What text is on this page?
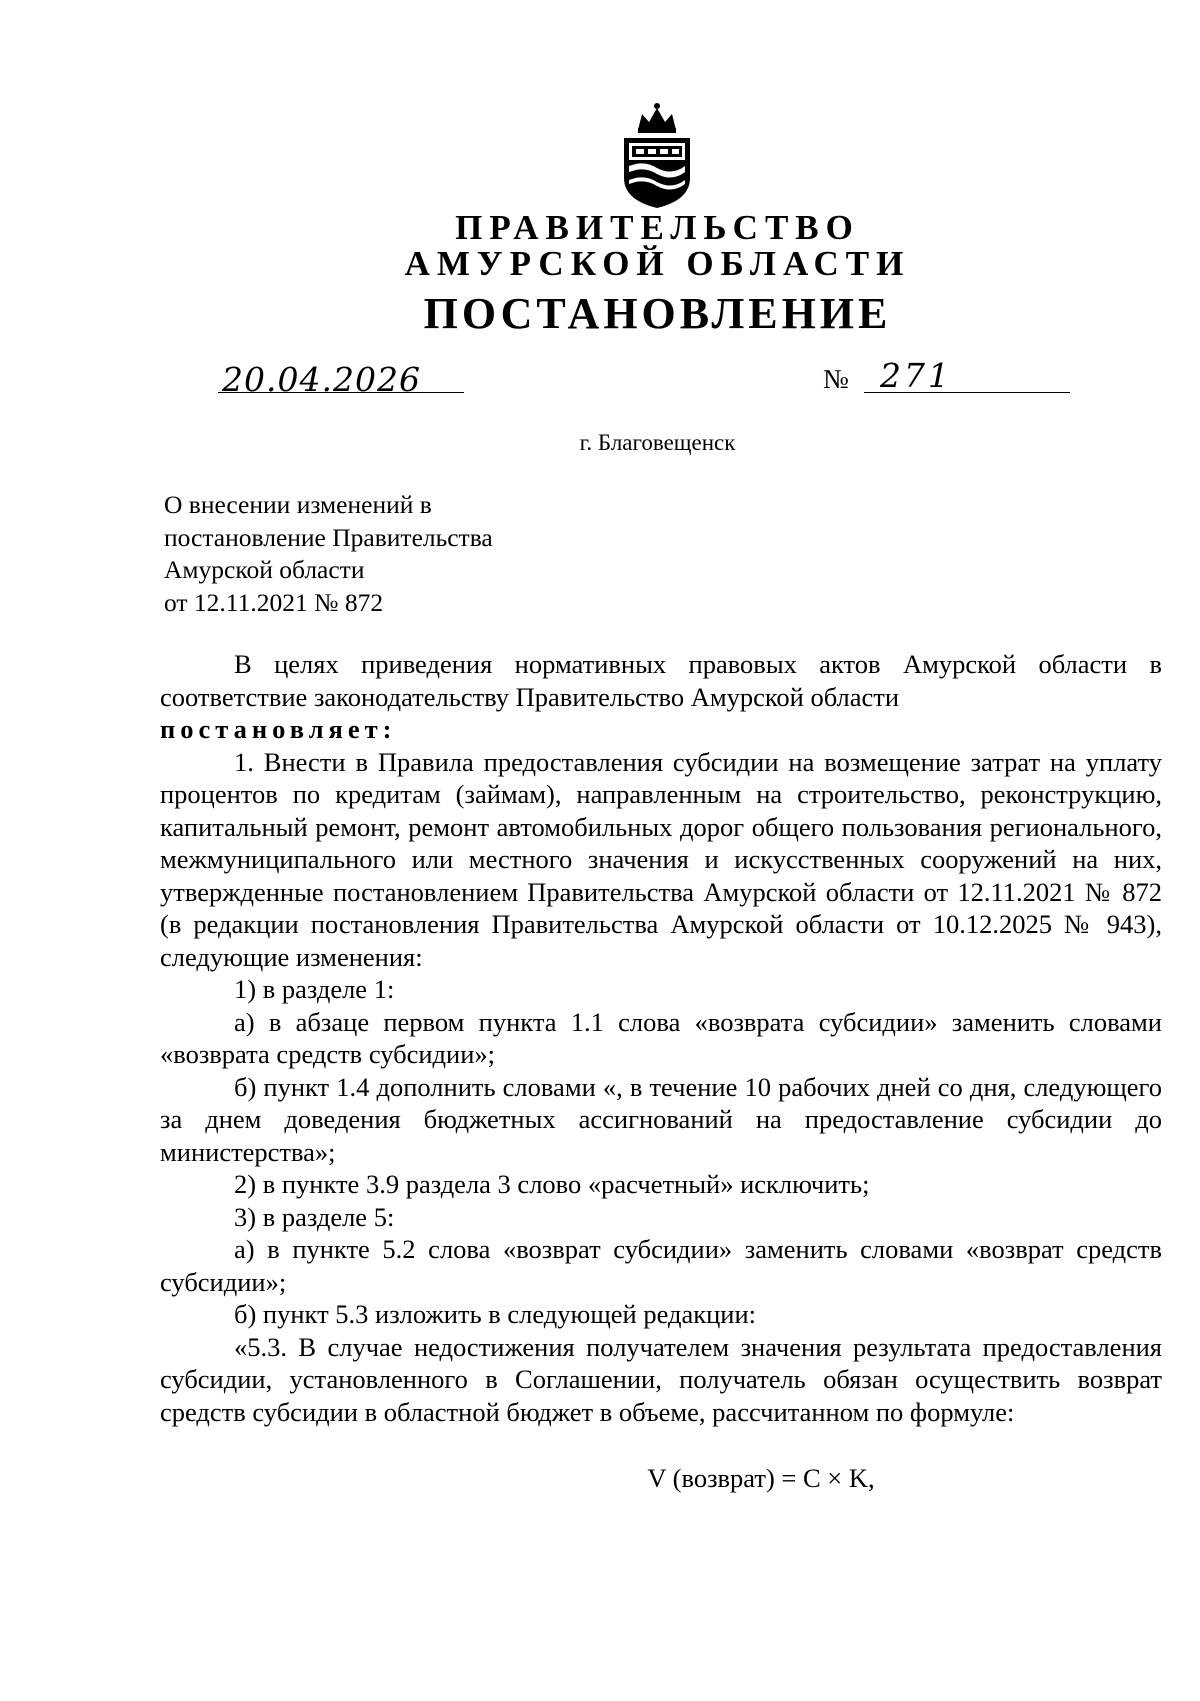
ПРАВИТЕЛЬСТВО
АМУРСКОЙ ОБЛАСТИ
ПОСТАНОВЛЕНИЕ
20.04.2026	№ 271
г. Благовещенск
О внесении изменений в
постановление Правительства
Амурской области
от 12.11.2021 № 872

В целях приведения нормативных правовых актов Амурской области в соответствие законодательству Правительство Амурской области

постановляет:

1. Внести в Правила предоставления субсидии на возмещение затрат на уплату процентов по кредитам (займам), направленным на строительство, реконструкцию, капитальный ремонт, ремонт автомобильных дорог общего пользования регионального, межмуниципального или местного значения и искусственных сооружений на них, утвержденные постановлением Правительства Амурской области от 12.11.2021 № 872 (в редакции постановления Правительства Амурской области от 10.12.2025 № 943), следующие изменения:

1) в разделе 1:

а) в абзаце первом пункта 1.1 слова «возврата субсидии» заменить словами «возврата средств субсидии»;

б) пункт 1.4 дополнить словами «, в течение 10 рабочих дней со дня, следующего за днем доведения бюджетных ассигнований на предоставление субсидии до министерства»;

2) в пункте 3.9 раздела 3 слово «расчетный» исключить;

3) в разделе 5:

а) в пункте 5.2 слова «возврат субсидии» заменить словами «возврат средств субсидии»;

б) пункт 5.3 изложить в следующей редакции:

«5.3. В случае недостижения получателем значения результата предоставления субсидии, установленного в Соглашении, получатель обязан осуществить возврат средств субсидии в областной бюджет в объеме, рассчитанном по формуле:

V (возврат) = C × K,
